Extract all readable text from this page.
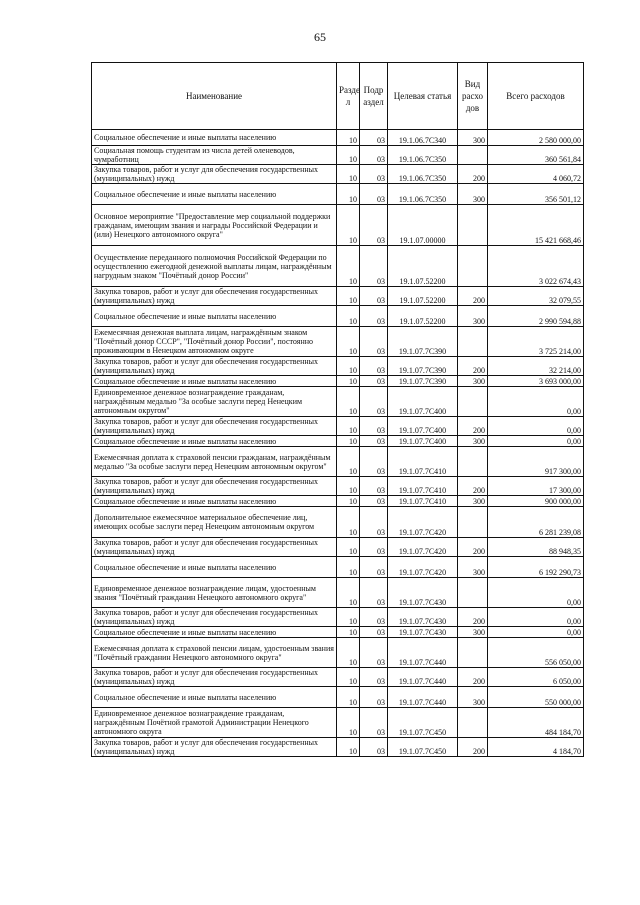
65
Наименование	Разде л	Подр аздел	Целевая статья	Вид расхо дов	Всего расходов
Социальное обеспечение и иные выплаты населению	10	03	19.1.06.7С340	300	2 580 000,00
Социальная помощь студентам из числа детей оленеводов, чумработниц	10	03	19.1.06.7С350		360 561,84
Закупка товаров, работ и услуг для обеспечения государственных (муниципальных) нужд	10	03	19.1.06.7С350	200	4 060,72
Социальное обеспечение и иные выплаты населению	10	03	19.1.06.7С350	300	356 501,12
Основное мероприятие "Предоставление мер социальной поддержки гражданам, имеющим звания и награды Российской Федерации и (или) Ненецкого автономного округа"	10	03	19.1.07.00000		15 421 668,46
Осуществление переданного полномочия Российской Федерации по осуществлению ежегодной денежной выплаты лицам, награждённым нагрудным знаком "Почётный донор России"	10	03	19.1.07.52200		3 022 674,43
Закупка товаров, работ и услуг для обеспечения государственных (муниципальных) нужд	10	03	19.1.07.52200	200	32 079,55
Социальное обеспечение и иные выплаты населению	10	03	19.1.07.52200	300	2 990 594,88
Ежемесячная денежная выплата лицам, награждённым знаком "Почётный донор СССР", "Почётный донор России", постоянно проживающим в Ненецком автономном округе	10	03	19.1.07.7С390		3 725 214,00
Закупка товаров, работ и услуг для обеспечения государственных (муниципальных) нужд	10	03	19.1.07.7С390	200	32 214,00
Социальное обеспечение и иные выплаты населению	10	03	19.1.07.7С390	300	3 693 000,00
Единовременное денежное вознаграждение гражданам, награждённым медалью "За особые заслуги перед Ненецким автономным округом"	10	03	19.1.07.7С400		0,00
Закупка товаров, работ и услуг для обеспечения государственных (муниципальных) нужд	10	03	19.1.07.7С400	200	0,00
Социальное обеспечение и иные выплаты населению	10	03	19.1.07.7С400	300	0,00
Ежемесячная доплата к страховой пенсии гражданам, награждённым медалью "За особые заслуги перед Ненецким автономным округом"	10	03	19.1.07.7С410		917 300,00
Закупка товаров, работ и услуг для обеспечения государственных (муниципальных) нужд	10	03	19.1.07.7С410	200	17 300,00
Социальное обеспечение и иные выплаты населению	10	03	19.1.07.7С410	300	900 000,00
Дополнительное ежемесячное материальное обеспечение лиц, имеющих особые заслуги перед Ненецким автономным округом	10	03	19.1.07.7С420		6 281 239,08
Закупка товаров, работ и услуг для обеспечения государственных (муниципальных) нужд	10	03	19.1.07.7С420	200	88 948,35
Социальное обеспечение и иные выплаты населению	10	03	19.1.07.7С420	300	6 192 290,73
Единовременное денежное вознаграждение лицам, удостоенным звания "Почётный гражданин Ненецкого автономного округа"	10	03	19.1.07.7С430		0,00
Закупка товаров, работ и услуг для обеспечения государственных (муниципальных) нужд	10	03	19.1.07.7С430	200	0,00
Социальное обеспечение и иные выплаты населению	10	03	19.1.07.7С430	300	0,00
Ежемесячная доплата к страховой пенсии лицам, удостоенным звания "Почётный гражданин Ненецкого автономного округа"	10	03	19.1.07.7С440		556 050,00
Закупка товаров, работ и услуг для обеспечения государственных (муниципальных) нужд	10	03	19.1.07.7С440	200	6 050,00
Социальное обеспечение и иные выплаты населению	10	03	19.1.07.7С440	300	550 000,00
Единовременное денежное вознаграждение гражданам, награждённым Почётной грамотой Администрации Ненецкого автономного округа	10	03	19.1.07.7С450		484 184,70
Закупка товаров, работ и услуг для обеспечения государственных (муниципальных) нужд	10	03	19.1.07.7С450	200	4 184,70
